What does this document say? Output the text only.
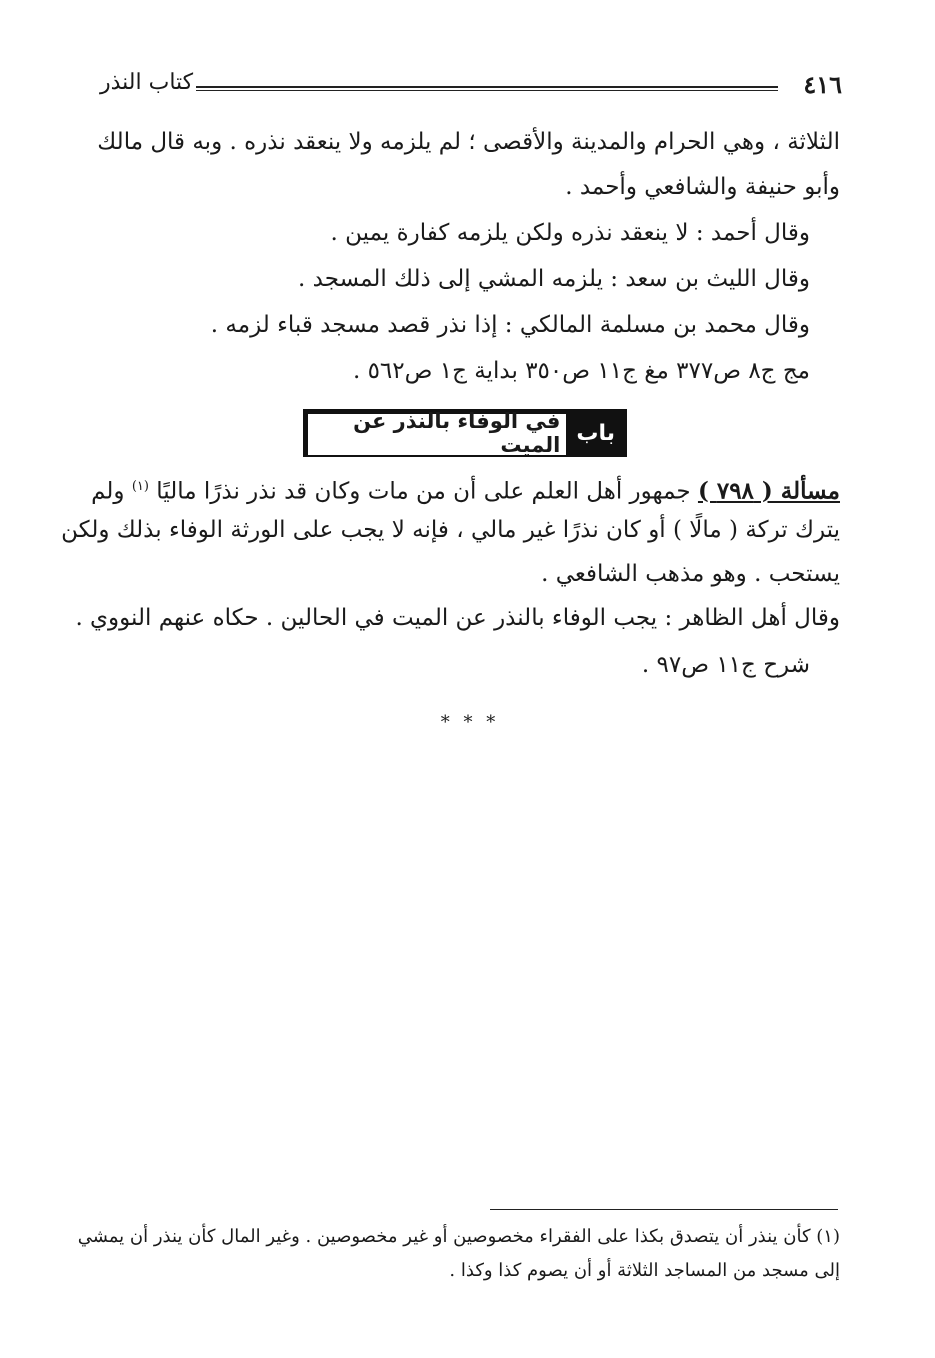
كتاب النذر	٤١٦
الثلاثة ، وهي الحرام والمدينة والأقصى ؛ لم يلزمه ولا ينعقد نذره . وبه قال مالك
وأبو حنيفة والشافعي وأحمد .
وقال أحمد : لا ينعقد نذره ولكن يلزمه كفارة يمين .
وقال الليث بن سعد : يلزمه المشي إلى ذلك المسجد .
وقال محمد بن مسلمة المالكي : إذا نذر قصد مسجد قباء لزمه .
مج ج٨ ص٣٧٧ مغ ج١١ ص٣٥٠ بداية ج١ ص٥٦٢ .
باب
في الوفاء بالنذر عن الميت
مسألة ( ٧٩٨ ) جمهور أهل العلم على أن من مات وكان قد نذر نذرًا ماليًا $^{(١)}$ ولم
يترك تركة ( مالًا ) أو كان نذرًا غير مالي ، فإنه لا يجب على الورثة الوفاء بذلك ولكن
يستحب . وهو مذهب الشافعي .
وقال أهل الظاهر : يجب الوفاء بالنذر عن الميت في الحالين . حكاه عنهم النووي .
شرح ج١١ ص٩٧ .
* * *
(١) كأن ينذر أن يتصدق بكذا على الفقراء مخصوصين أو غير مخصوصين . وغير المال كأن ينذر أن يمشي
إلى مسجد من المساجد الثلاثة أو أن يصوم كذا وكذا .
